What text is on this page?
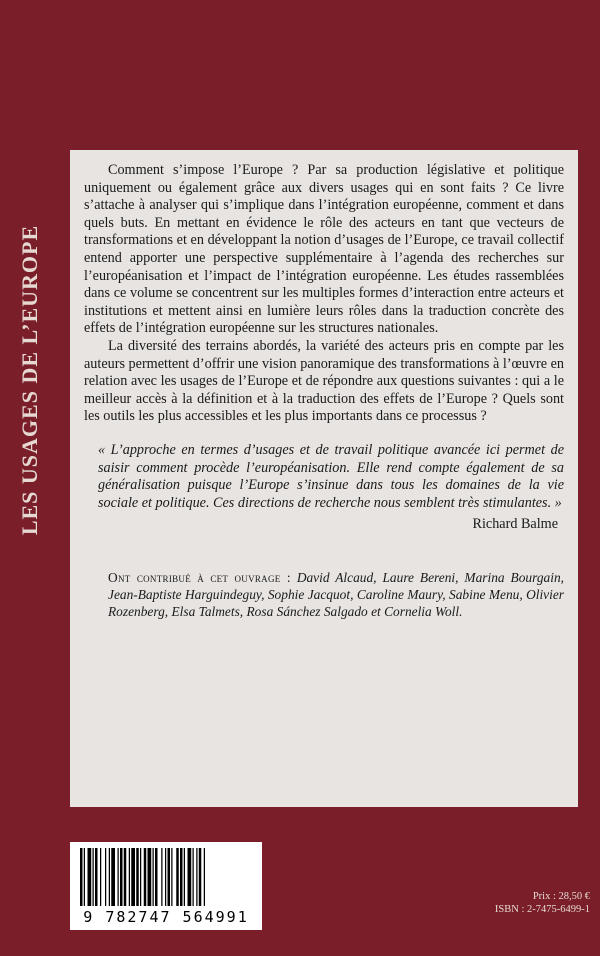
LES USAGES DE L’EUROPE

Comment s’impose l’Europe ? Par sa production législative et politique uniquement ou également grâce aux divers usages qui en sont faits ? Ce livre s’attache à analyser qui s’implique dans l’intégration européenne, comment et dans quels buts. En mettant en évidence le rôle des acteurs en tant que vecteurs de transformations et en développant la notion d’usages de l’Europe, ce travail collectif entend apporter une perspective supplémentaire à l’agenda des recherches sur l’européanisation et l’impact de l’intégration européenne. Les études rassemblées dans ce volume se concentrent sur les multiples formes d’interaction entre acteurs et institutions et mettent ainsi en lumière leurs rôles dans la traduction concrète des effets de l’intégration européenne sur les structures nationales.

La diversité des terrains abordés, la variété des acteurs pris en compte par les auteurs permettent d’offrir une vision panoramique des transformations à l’œuvre en relation avec les usages de l’Europe et de répondre aux questions suivantes : qui a le meilleur accès à la définition et à la traduction des effets de l’Europe ? Quels sont les outils les plus accessibles et les plus importants dans ce processus ?

« L’approche en termes d’usages et de travail politique avancée ici permet de saisir comment procède l’européanisation. Elle rend compte également de sa généralisation puisque l’Europe s’insinue dans tous les domaines de la vie sociale et politique. Ces directions de recherche nous semblent très stimulantes. »

Richard Balme

Ont contribué à cet ouvrage : David Alcaud, Laure Bereni, Marina Bourgain, Jean-Baptiste Harguindeguy, Sophie Jacquot, Caroline Maury, Sabine Menu, Olivier Rozenberg, Elsa Talmets, Rosa Sánchez Salgado et Cornelia Woll.

9 782747 564991
Prix : 28,50 €
ISBN : 2-7475-6499-1
